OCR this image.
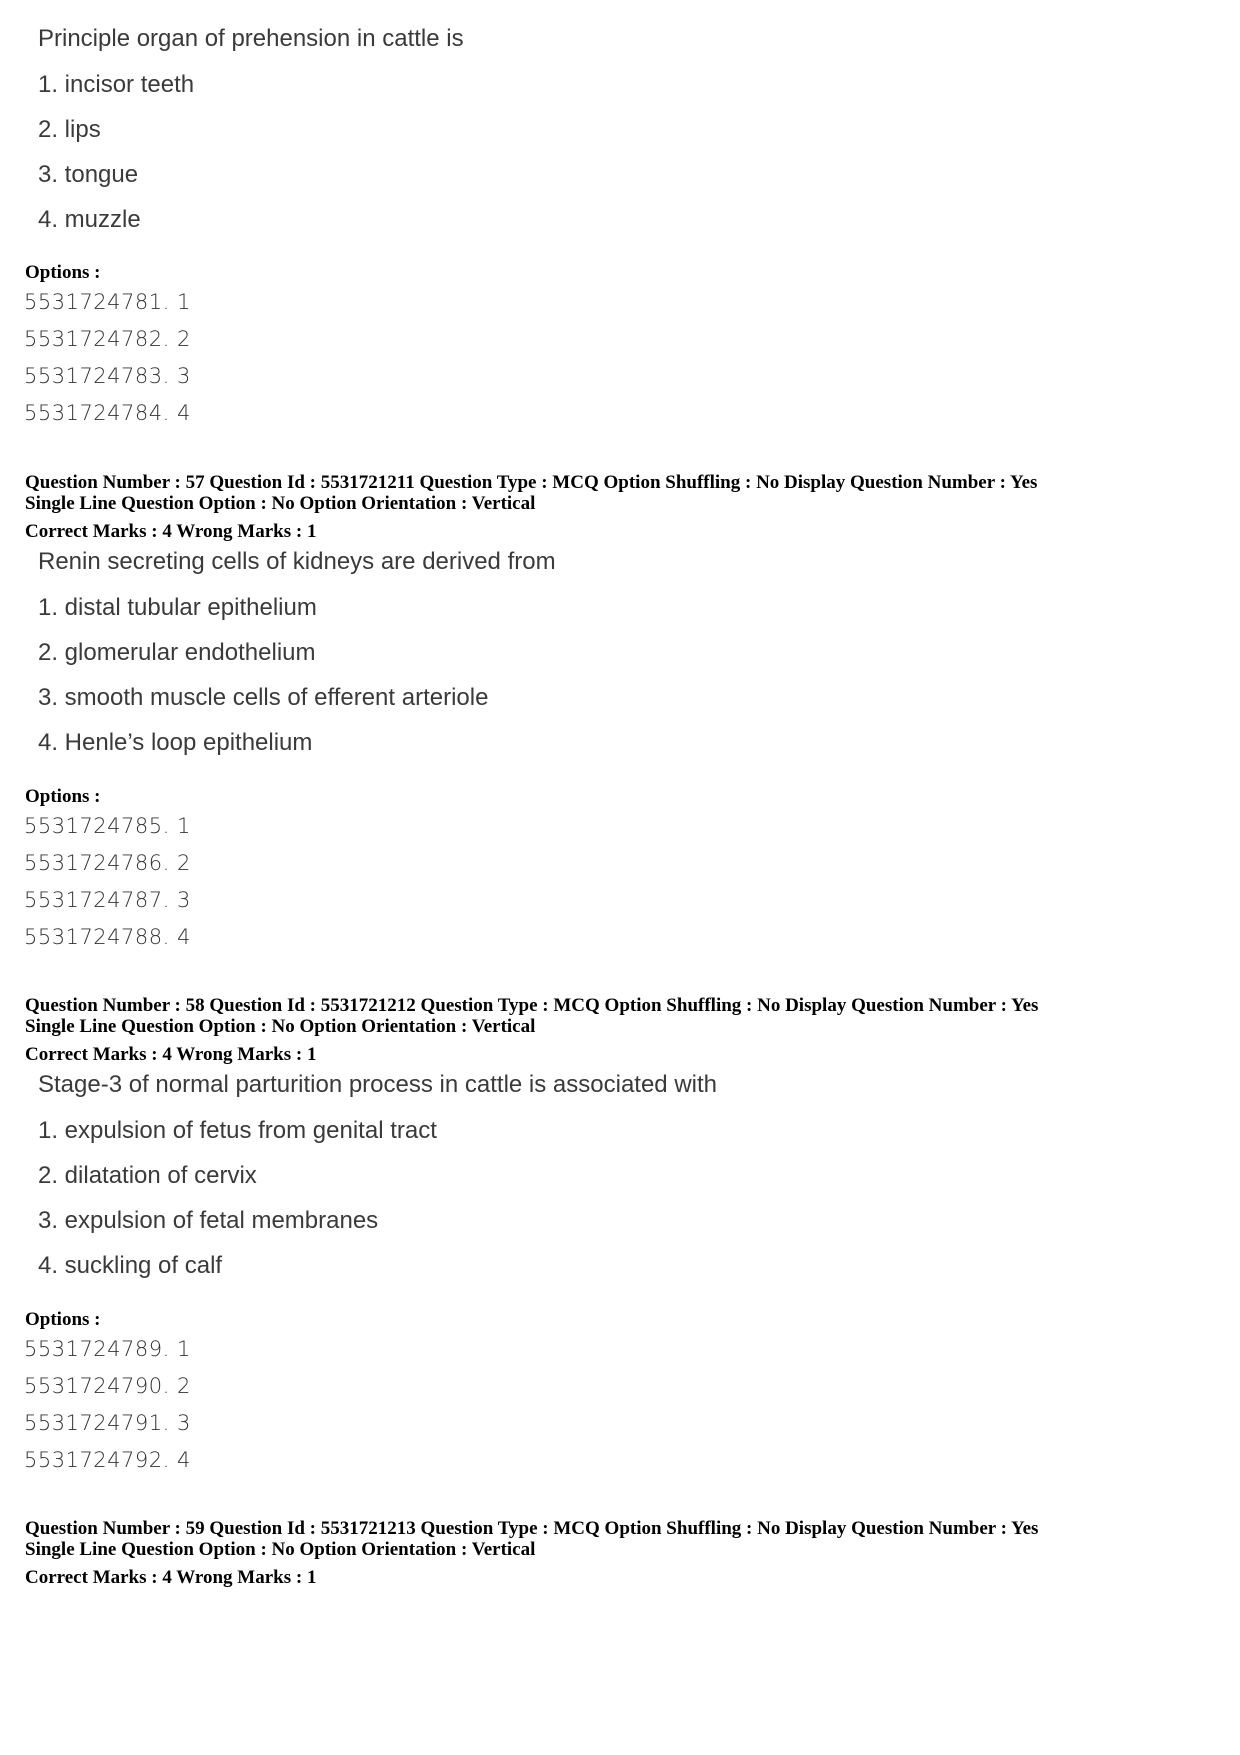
Principle organ of prehension in cattle is
1. incisor teeth
2. lips
3. tongue
4. muzzle
Options :
5531724781. 1
5531724782. 2
5531724783. 3
5531724784. 4
Question Number : 57 Question Id : 5531721211 Question Type : MCQ Option Shuffling : No Display Question Number : Yes
Single Line Question Option : No Option Orientation : Vertical
Correct Marks : 4 Wrong Marks : 1
Renin secreting cells of kidneys are derived from
1. distal tubular epithelium
2. glomerular endothelium
3. smooth muscle cells of efferent arteriole
4. Henle’s loop epithelium
Options :
5531724785. 1
5531724786. 2
5531724787. 3
5531724788. 4
Question Number : 58 Question Id : 5531721212 Question Type : MCQ Option Shuffling : No Display Question Number : Yes
Single Line Question Option : No Option Orientation : Vertical
Correct Marks : 4 Wrong Marks : 1
Stage-3 of normal parturition process in cattle is associated with
1. expulsion of fetus from genital tract
2. dilatation of cervix
3. expulsion of fetal membranes
4. suckling of calf
Options :
5531724789. 1
5531724790. 2
5531724791. 3
5531724792. 4
Question Number : 59 Question Id : 5531721213 Question Type : MCQ Option Shuffling : No Display Question Number : Yes
Single Line Question Option : No Option Orientation : Vertical
Correct Marks : 4 Wrong Marks : 1
